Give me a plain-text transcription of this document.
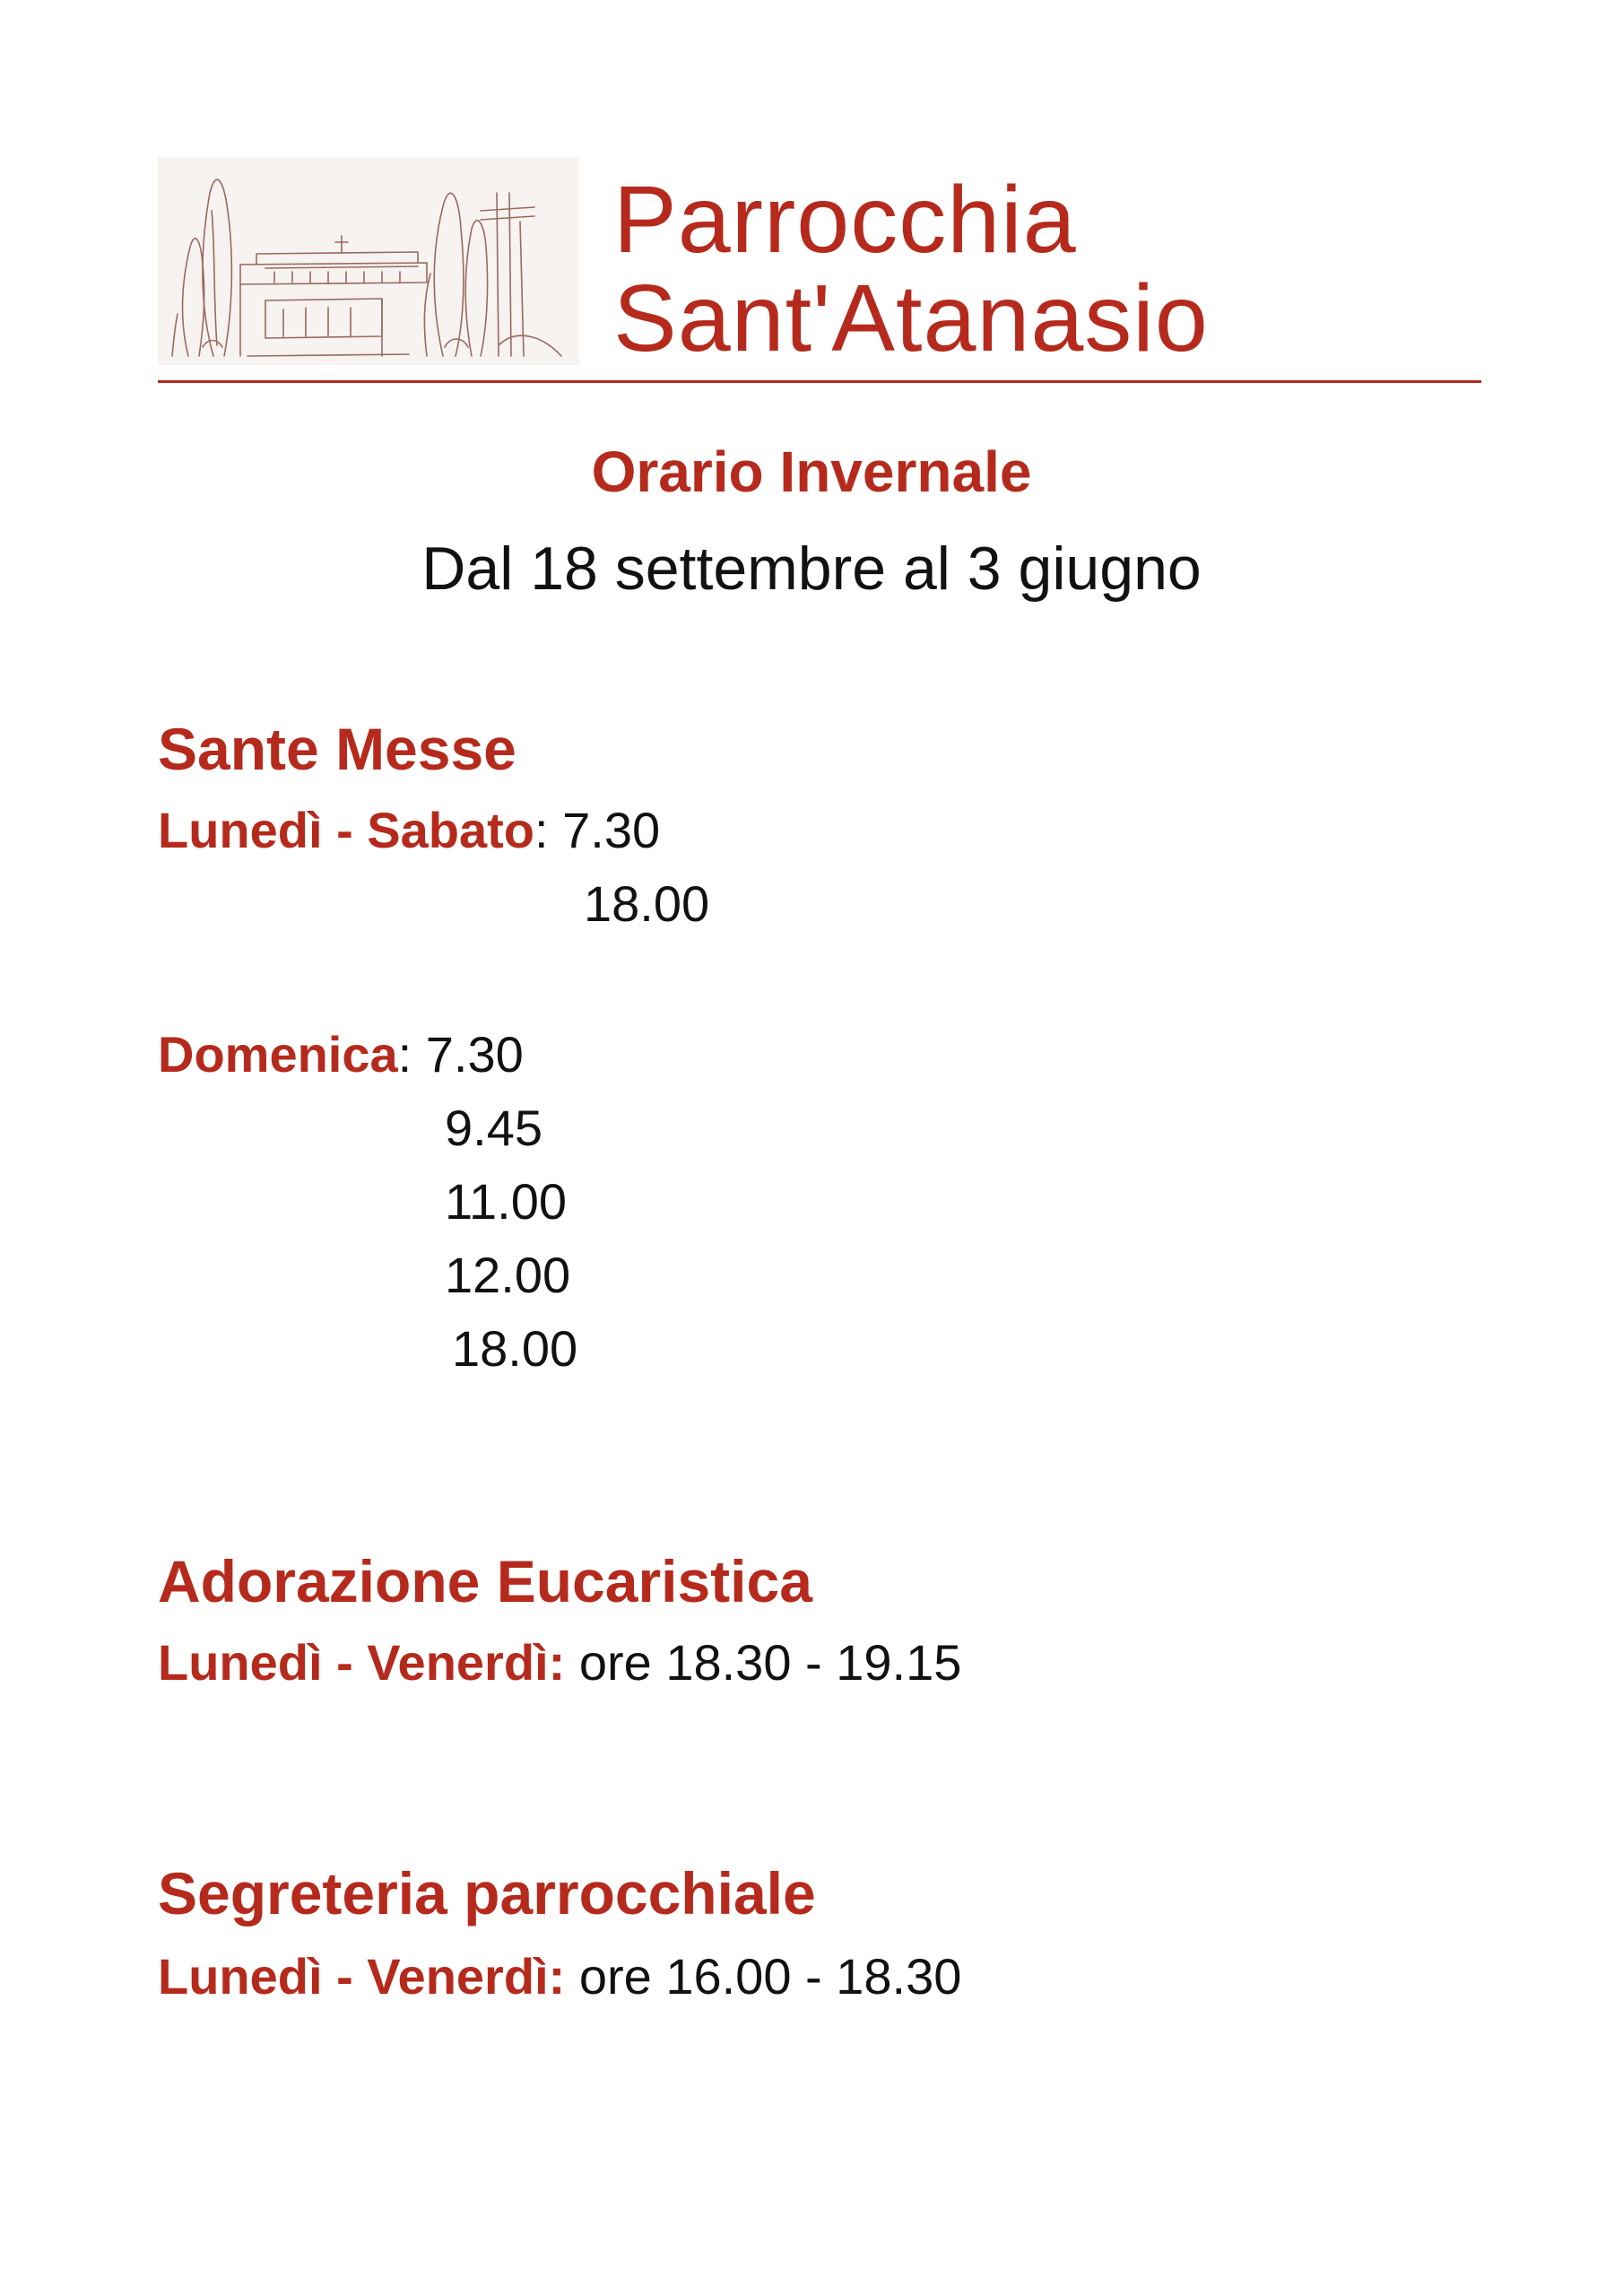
Parrocchia
Sant'Atanasio
Orario Invernale
Dal 18 settembre al 3 giugno
Sante Messe
Lunedì - Sabato: 7.30
18.00
Domenica: 7.30
9.45
11.00
12.00
18.00
Adorazione Eucaristica
Lunedì - Venerdì: ore 18.30 - 19.15
Segreteria parrocchiale
Lunedì - Venerdì: ore 16.00 - 18.30
